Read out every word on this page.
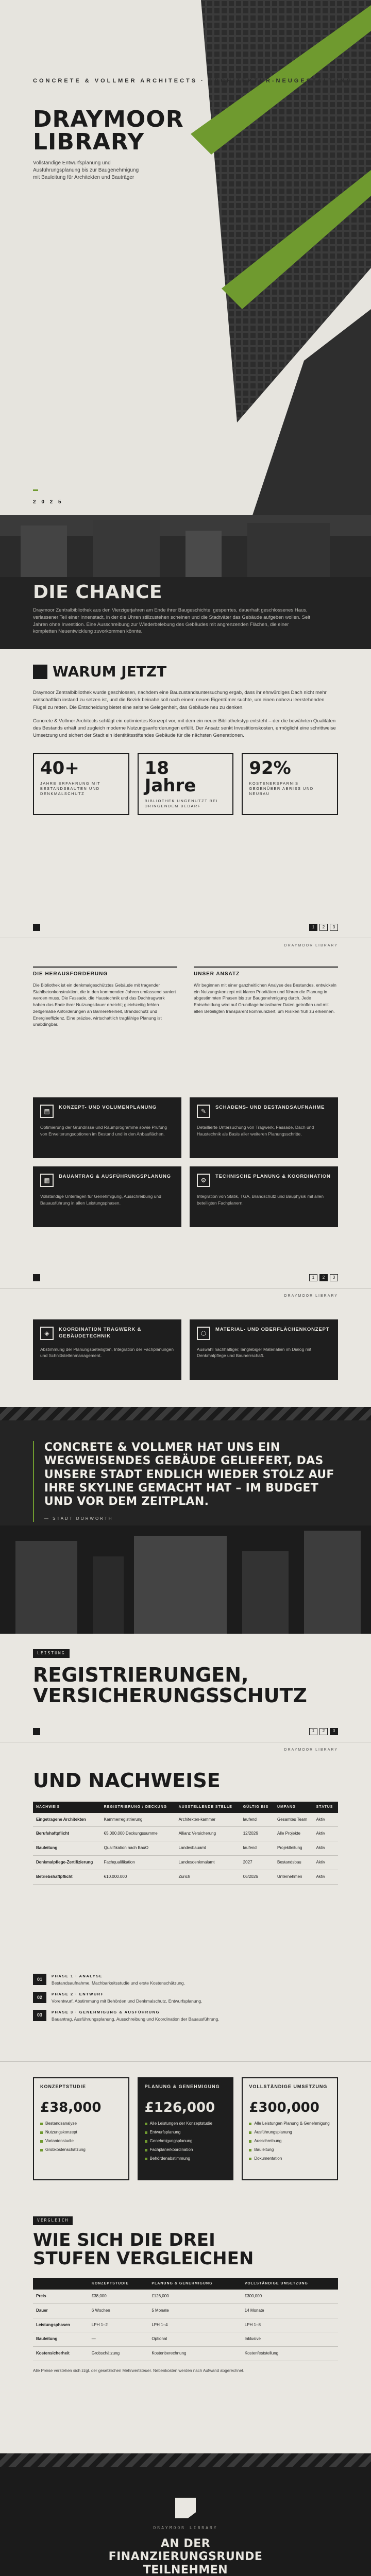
CONCRETE & VOLLMER ARCHITECTS · ARCHITEKTUR-NEUGESTALTUNG
DRAYMOOR
LIBRARY
Vollständige Entwurfsplanung und Ausführungsplanung bis zur Baugenehmigung mit Bauleitung für Architekten und Bauträger
2 0 2 5
DIE CHANCE
Draymoor Zentralbibliothek aus den Vierzigerjahren am Ende ihrer Baugeschichte: gesperrtes, dauerhaft geschlossenes Haus, verlassener Teil einer Innenstadt, in der die Uhren stillzustehen scheinen und die Stadtväter das Gebäude aufgeben wollen. Seit Jahren ohne Investition. Eine Ausschreibung zur Wiederbelebung des Gebäudes mit angrenzenden Flächen, die einer kompletten Neuentwicklung zuvorkommen könnte.
WARUM JETZT
Draymoor Zentralbibliothek wurde geschlossen, nachdem eine Bauzustandsuntersuchung ergab, dass ihr ehrwürdiges Dach nicht mehr wirtschaftlich instand zu setzen ist, und die Bezirk beinahe soll nach einem neuen Eigentümer suchte, um einen nahezu leerstehenden Flügel zu retten. Die Entscheidung bietet eine seltene Gelegenheit, das Gebäude neu zu denken.
Concrete & Vollmer Architects schlägt ein optimiertes Konzept vor, mit dem ein neuer Bibliothekstyp entsteht – der die bewährten Qualitäten des Bestands erhält und zugleich moderne Nutzungsanforderungen erfüllt. Der Ansatz senkt Investitionskosten, ermöglicht eine schrittweise Umsetzung und sichert der Stadt ein identitätsstiftendes Gebäude für die nächsten Generationen.
40+
JAHRE ERFAHRUNG MIT BESTANDSBAUTEN UND DENKMALSCHUTZ
18 Jahre
BIBLIOTHEK UNGENUTZT BEI DRINGENDEM BEDARF
92%
KOSTENERSPARNIS GEGENÜBER ABRISS UND NEUBAU
1	2	3
DRAYMOOR LIBRARY
DIE HERAUSFORDERUNG
Die Bibliothek ist ein denkmalgeschütztes Gebäude mit tragender Stahlbetonkonstruktion, die in den kommenden Jahren umfassend saniert werden muss. Die Fassade, die Haustechnik und das Dachtragwerk haben das Ende ihrer Nutzungsdauer erreicht; gleichzeitig fehlen zeitgemäße Anforderungen an Barrierefreiheit, Brandschutz und Energieeffizienz. Eine präzise, wirtschaftlich tragfähige Planung ist unabdingbar.
UNSER ANSATZ
Wir beginnen mit einer ganzheitlichen Analyse des Bestandes, entwickeln ein Nutzungskonzept mit klaren Prioritäten und führen die Planung in abgestimmten Phasen bis zur Baugenehmigung durch. Jede Entscheidung wird auf Grundlage belastbarer Daten getroffen und mit allen Beteiligten transparent kommuniziert, um Risiken früh zu erkennen.
▤
KONZEPT- UND VOLUMENPLANUNG
Optimierung der Grundrisse und Raumprogramme sowie Prüfung von Erweiterungsoptionen im Bestand und in den Anbauflächen.
✎
SCHADENS- UND BESTANDSAUFNAHME
Detaillierte Untersuchung von Tragwerk, Fassade, Dach und Haustechnik als Basis aller weiteren Planungsschritte.
▦
BAUANTRAG & AUSFÜHRUNGSPLANUNG
Vollständige Unterlagen für Genehmigung, Ausschreibung und Bauausführung in allen Leistungsphasen.
⚙
TECHNISCHE PLANUNG & KOORDINATION
Integration von Statik, TGA, Brandschutz und Bauphysik mit allen beteiligten Fachplanern.
1	2	3
DRAYMOOR LIBRARY
◈
KOORDINATION TRAGWERK & GEBÄUDETECHNIK
Abstimmung der Planungsbeteiligten, Integration der Fachplanungen und Schnittstellenmanagement.
⬡
MATERIAL- UND OBERFLÄCHENKONZEPT
Auswahl nachhaltiger, langlebiger Materialien im Dialog mit Denkmalpflege und Bauherrschaft.
CONCRETE & VOLLMER HAT UNS EIN WEGWEISENDES GEBÄUDE GELIEFERT, DAS UNSERE STADT ENDLICH WIEDER STOLZ AUF IHRE SKYLINE GEMACHT HAT – IM BUDGET UND VOR DEM ZEITPLAN.
— STADT DORWORTH
LEISTUNG
REGISTRIERUNGEN,
VERSICHERUNGSSCHUTZ
1	2	3
DRAYMOOR LIBRARY
UND NACHWEISE
NACHWEIS	REGISTRIERUNG / DECKUNG	AUSSTELLENDE STELLE	GÜLTIG BIS	UMFANG	STATUS
Eingetragene Architekten	Kammerregistrierung	Architekten-kammer	laufend	Gesamtes Team	Aktiv
Berufshaftpflicht	€5.000.000 Deckungssumme	Allianz Versicherung	12/2026	Alle Projekte	Aktiv
Bauleitung	Qualifikation nach BauO	Landesbauamt	laufend	Projektleitung	Aktiv
Denkmalpflege-Zertifizierung	Fachqualifikation	Landesdenkmalamt	2027	Bestandsbau	Aktiv
Betriebshaftpflicht	€10.000.000	Zurich	06/2026	Unternehmen	Aktiv
01
PHASE 1 · ANALYSE
Bestandsaufnahme, Machbarkeitsstudie und erste Kostenschätzung.
02
PHASE 2 · ENTWURF
Vorentwurf, Abstimmung mit Behörden und Denkmalschutz, Entwurfsplanung.
03
PHASE 3 · GENEHMIGUNG & AUSFÜHRUNG
Bauantrag, Ausführungsplanung, Ausschreibung und Koordination der Bauausführung.
KONZEPTSTUDIE
£38,000
Bestandsanalyse
Nutzungskonzept
Variantenstudie
Grobkostenschätzung
PLANUNG & GENEHMIGUNG
£126,000
Alle Leistungen der Konzeptstudie
Entwurfsplanung
Genehmigungsplanung
Fachplanerkoordination
Behördenabstimmung
VOLLSTÄNDIGE UMSETZUNG
£300,000
Alle Leistungen Planung & Genehmigung
Ausführungsplanung
Ausschreibung
Bauleitung
Dokumentation
VERGLEICH
WIE SICH DIE DREI
STUFEN VERGLEICHEN
	KONZEPTSTUDIE	PLANUNG & GENEHMIGUNG	VOLLSTÄNDIGE UMSETZUNG
Preis	£38,000	£126,000	£300,000
Dauer	6 Wochen	5 Monate	14 Monate
Leistungsphasen	LPH 1–2	LPH 1–4	LPH 1–8
Bauleitung	—	Optional	Inklusive
Kostensicherheit	Grobschätzung	Kostenberechnung	Kostenfeststellung
Alle Preise verstehen sich zzgl. der gesetzlichen Mehrwertsteuer. Nebenkosten werden nach Aufwand abgerechnet.
DRAYMOOR LIBRARY
AN DER
FINANZIERUNGSRUNDE
TEILNEHMEN
